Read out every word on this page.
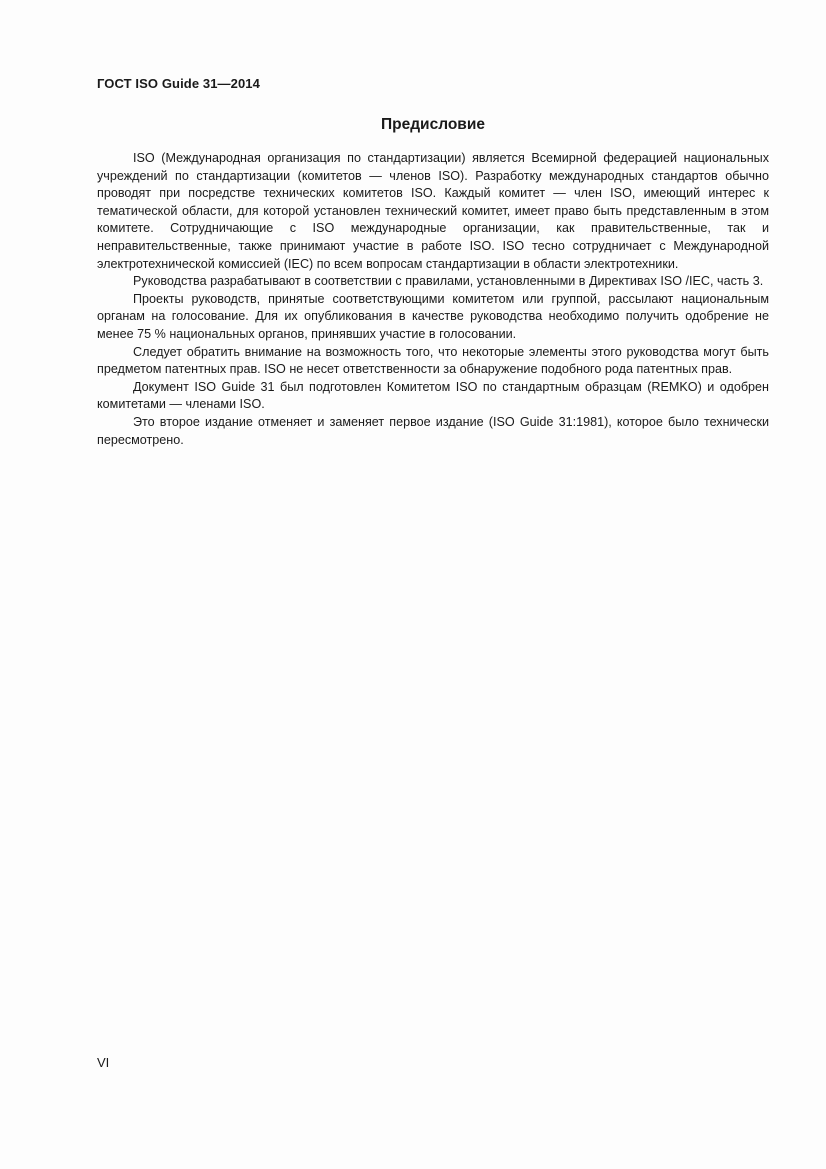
ГОСТ ISO Guide 31—2014

Предисловие

ISO (Международная организация по стандартизации) является Всемирной федерацией национальных учреждений по стандартизации (комитетов — членов ISO). Разработку международных стандартов обычно проводят при посредстве технических комитетов ISO. Каждый комитет — член ISO, имеющий интерес к тематической области, для которой установлен технический комитет, имеет право быть представленным в этом комитете. Сотрудничающие с ISO международные организации, как правительственные, так и неправительственные, также принимают участие в работе ISO. ISO тесно сотрудничает с Международной электротехнической комиссией (IEC) по всем вопросам стандартизации в области электротехники.

Руководства разрабатывают в соответствии с правилами, установленными в Директивах ISO /IEC, часть 3.

Проекты руководств, принятые соответствующими комитетом или группой, рассылают национальным органам на голосование. Для их опубликования в качестве руководства необходимо получить одобрение не менее 75 % национальных органов, принявших участие в голосовании.

Следует обратить внимание на возможность того, что некоторые элементы этого руководства могут быть предметом патентных прав. ISO не несет ответственности за обнаружение подобного рода патентных прав.

Документ ISO Guide 31 был подготовлен Комитетом ISO по стандартным образцам (REMKO) и одобрен комитетами — членами ISO.

Это второе издание отменяет и заменяет первое издание (ISO Guide 31:1981), которое было технически пересмотрено.

VI
